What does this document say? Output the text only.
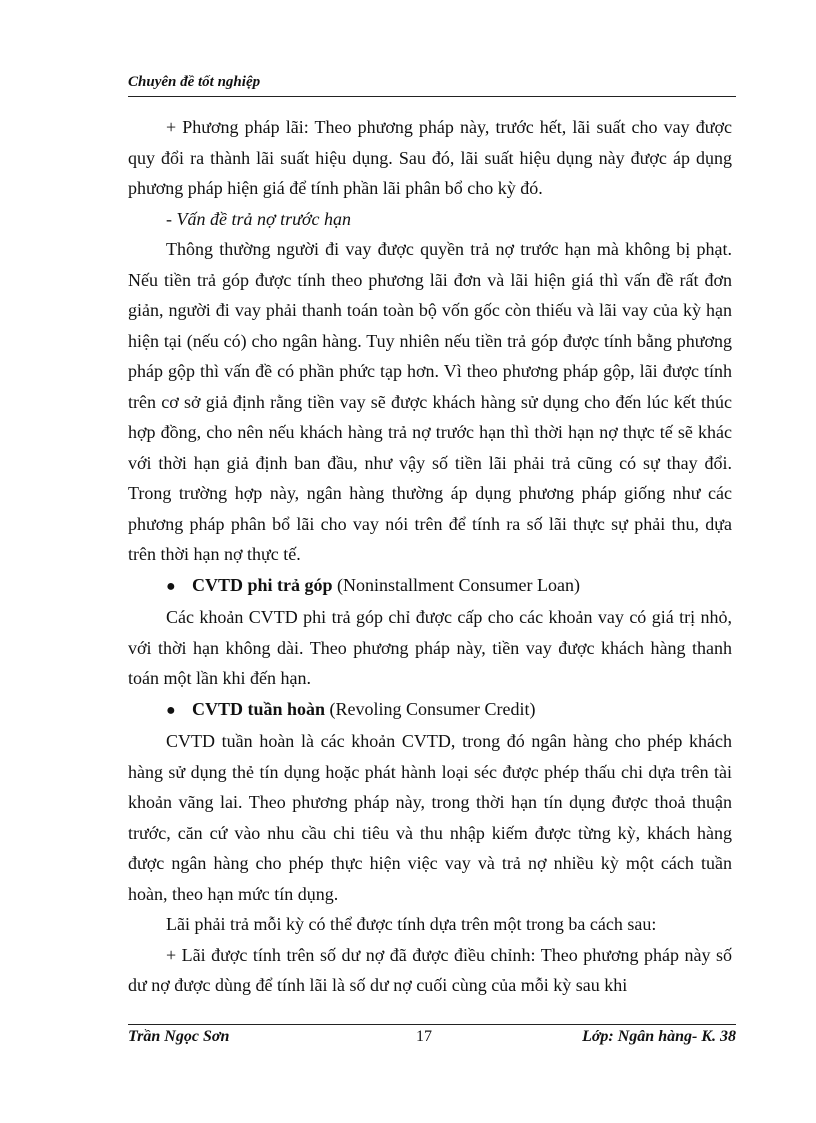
Chuyên đề tốt nghiệp

+ Phương pháp lãi: Theo phương pháp này, trước hết, lãi suất cho vay được quy đổi ra thành lãi suất hiệu dụng. Sau đó, lãi suất hiệu dụng này được áp dụng phương pháp hiện giá để tính phần lãi phân bổ cho kỳ đó.

- Vấn đề trả nợ trước hạn

Thông thường người đi vay được quyền trả nợ trước hạn mà không bị phạt. Nếu tiền trả góp được tính theo phương lãi đơn và lãi hiện giá thì vấn đề rất đơn giản, người đi vay phải thanh toán toàn bộ vốn gốc còn thiếu và lãi vay của kỳ hạn hiện tại (nếu có) cho ngân hàng. Tuy nhiên nếu tiền trả góp được tính bằng phương pháp gộp thì vấn đề có phần phức tạp hơn. Vì theo phương pháp gộp, lãi được tính trên cơ sở giả định rằng tiền vay sẽ được khách hàng sử dụng cho đến lúc kết thúc hợp đồng, cho nên nếu khách hàng trả nợ trước hạn thì thời hạn nợ thực tế sẽ khác với thời hạn giả định ban đầu, như vậy số tiền lãi phải trả cũng có sự thay đổi. Trong trường hợp này, ngân hàng thường áp dụng phương pháp giống như các phương pháp phân bổ lãi cho vay nói trên để tính ra số lãi thực sự phải thu, dựa trên thời hạn nợ thực tế.

● CVTD phi trả góp (Noninstallment Consumer Loan)

Các khoản CVTD phi trả góp chỉ được cấp cho các khoản vay có giá trị nhỏ, với thời hạn không dài. Theo phương pháp này, tiền vay được khách hàng thanh toán một lần khi đến hạn.

● CVTD tuần hoàn (Revoling Consumer Credit)

CVTD tuần hoàn là các khoản CVTD, trong đó ngân hàng cho phép khách hàng sử dụng thẻ tín dụng hoặc phát hành loại séc được phép thấu chi dựa trên tài khoản vãng lai. Theo phương pháp này, trong thời hạn tín dụng được thoả thuận trước, căn cứ vào nhu cầu chi tiêu và thu nhập kiếm được từng kỳ, khách hàng được ngân hàng cho phép thực hiện việc vay và trả nợ nhiều kỳ một cách tuần hoàn, theo hạn mức tín dụng.

Lãi phải trả mỗi kỳ có thể được tính dựa trên một trong ba cách sau:

+ Lãi được tính trên số dư nợ đã được điều chỉnh: Theo phương pháp này số dư nợ được dùng để tính lãi là số dư nợ cuối cùng của mỗi kỳ sau khi

Trần Ngọc Sơn	17	Lớp: Ngân hàng- K. 38
